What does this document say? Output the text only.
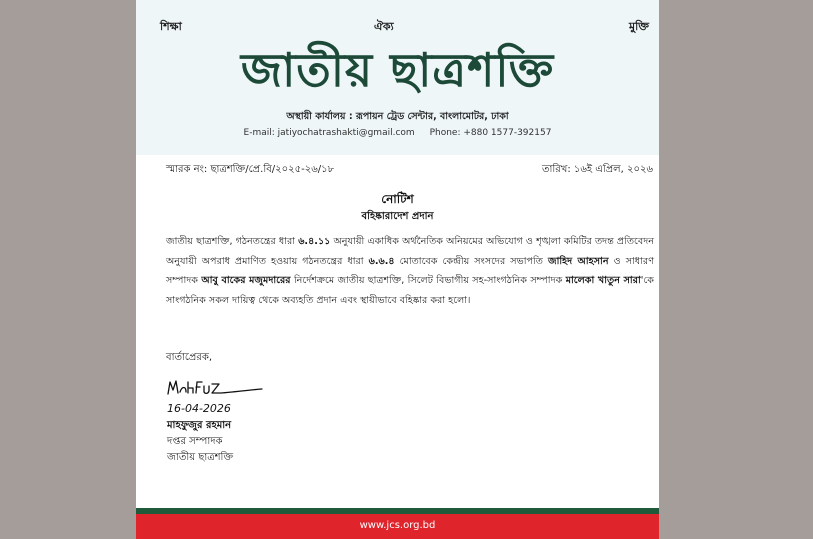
শিক্ষা	ঐক্য	মুক্তি
জাতীয় ছাত্রশক্তি
অস্থায়ী কার্যালয় : রূপায়ন ট্রেড সেন্টার, বাংলামোটর, ঢাকা
E-mail: jatiyochatrashakti@gmail.com Phone: +880 1577-392157
স্মারক নং: ছাত্রশক্তি/প্রে.বি/২০২৫-২৬/১৮	তারিখ: ১৬ই এপ্রিল, ২০২৬
নোটিশ
বহিষ্কারাদেশ প্রদান
জাতীয় ছাত্রশক্তি, গঠনতন্ত্রের ধারা ৬.৪.১১ অনুযায়ী একাধিক অর্থনৈতিক অনিয়মের অভিযোগ ও শৃঙ্খলা কমিটির তদন্ত প্রতিবেদন অনুযায়ী অপরাধ প্রমাণিত হওয়ায় গঠনতন্ত্রের ধারা ৬.৬.৪ মোতাবেক কেন্দ্রীয় সংসদের সভাপতি জাহিদ আহসান ও সাধারণ সম্পাদক আবু বাকের মজুমদারের নির্দেশক্রমে জাতীয় ছাত্রশক্তি, সিলেট বিভাগীয় সহ-সাংগঠনিক সম্পাদক মালেকা খাতুন সারা'কে সাংগঠনিক সকল দায়িত্ব থেকে অব্যহতি প্রদান এবং স্থায়ীভাবে বহিষ্কার করা হলো।
বার্তাপ্রেরক,
16-04-2026
মাহফুজুর রহমান
দপ্তর সম্পাদক
জাতীয় ছাত্রশক্তি
www.jcs.org.bd
